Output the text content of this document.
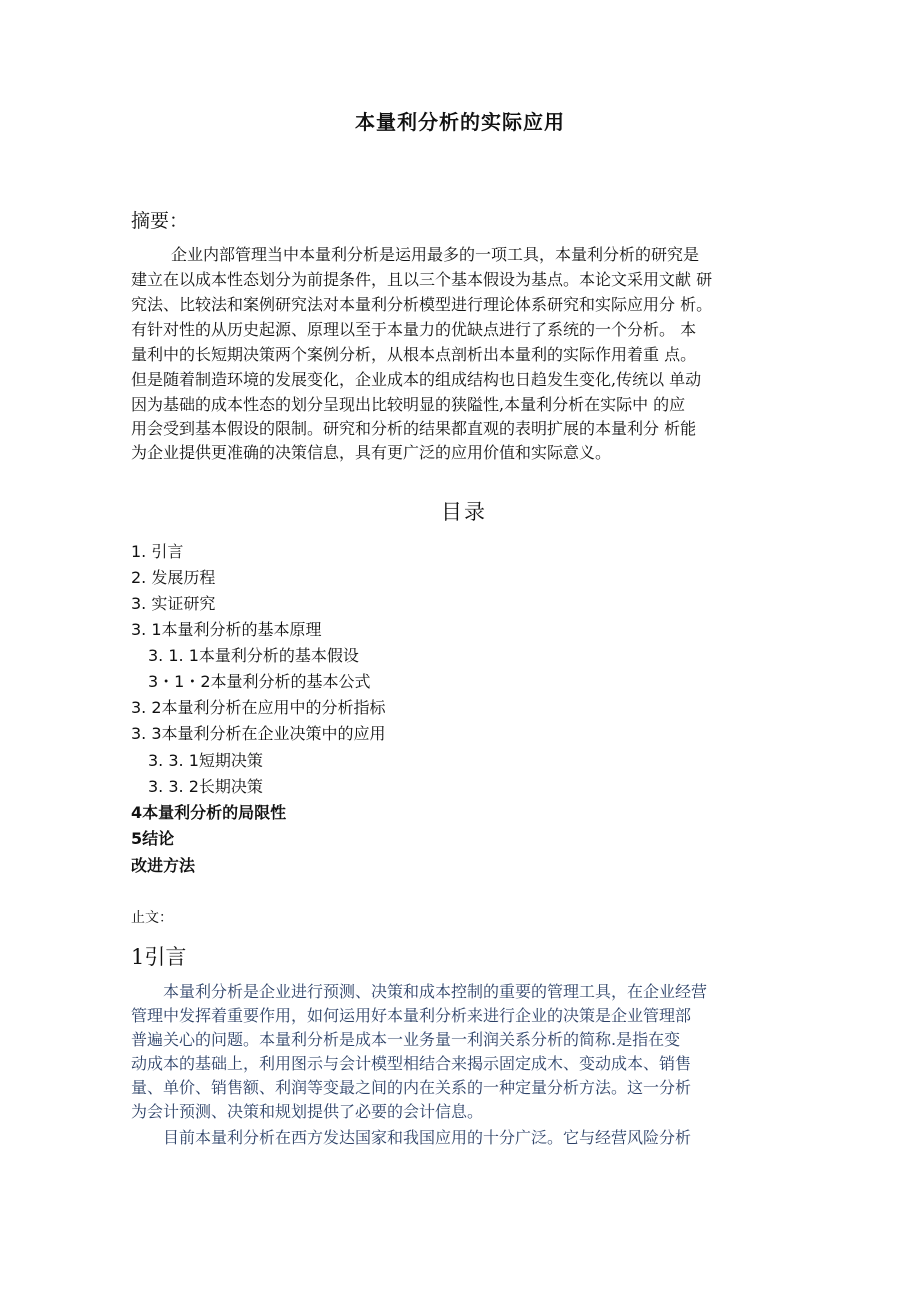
本量利分析的实际应用
摘要：
企业内部管理当中本量利分析是运用最多的一项工具，本量利分析的研究是
建立在以成本性态划分为前提条件，且以三个基本假设为基点。本论文采用文献 研
究法、比较法和案例研究法对本量利分析模型进行理论体系研究和实际应用分 析。
有针对性的从历史起源、原理以至于本量力的优缺点进行了系统的一个分析。 本
量利中的长短期决策两个案例分析，从根本点剖析出本量利的实际作用着重 点。
但是随着制造环境的发展变化，企业成本的组成结构也日趋发生变化,传统以 单动
因为基础的成本性态的划分呈现出比较明显的狭隘性,本量利分析在实际中 的应
用会受到基本假设的限制。研究和分析的结果都直观的表明扩展的本量利分 析能
为企业提供更准确的决策信息，具有更广泛的应用价值和实际意义。
目录
1. 引言
2. 发展历程
3. 实证研究
3. 1本量利分析的基本原理
3. 1. 1本量利分析的基本假设
3・1・2本量利分析的基本公式
3. 2本量利分析在应用中的分析指标
3. 3本量利分析在企业决策中的应用
3. 3. 1短期决策
3. 3. 2长期决策
4本量利分析的局限性
5结论
改进方法
止文：
1引言
本量利分析是企业进行预测、决策和成本控制的重要的管理工具，在企业经营
管理中发挥着重要作用，如何运用好本量利分析来进行企业的决策是企业管理部
普遍关心的问题。本量利分析是成本一业务量一利润关系分析的简称.是指在变
动成本的基础上，利用图示与会计模型相结合来揭示固定成木、变动成本、销售
量、单价、销售额、利润等变最之间的内在关系的一种定量分析方法。这一分析
为会计预测、决策和规划提供了必要的会计信息。
目前本量利分析在西方发达国家和我国应用的十分广泛。它与经营风险分析
